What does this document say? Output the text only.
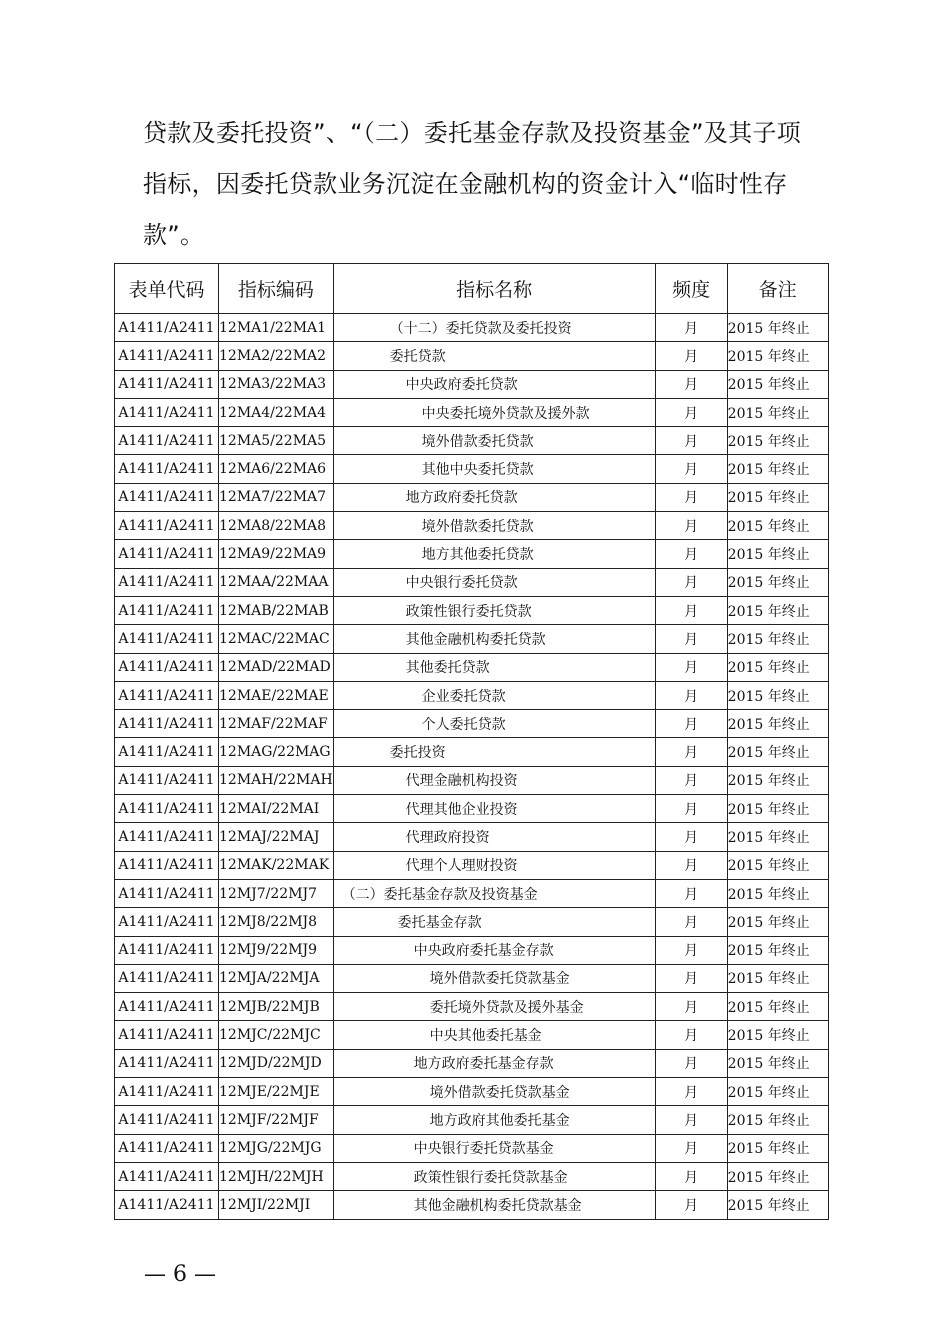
贷款及委托投资”、“（二）委托基金存款及投资基金”及其子项
指标，因委托贷款业务沉淀在金融机构的资金计入“临时性存
款”。
表单代码	指标编码	指标名称	频度	备注
A1411/A2411	12MA1/22MA1	（十二）委托贷款及委托投资	月	2015 年终止
A1411/A2411	12MA2/22MA2	委托贷款	月	2015 年终止
A1411/A2411	12MA3/22MA3	中央政府委托贷款	月	2015 年终止
A1411/A2411	12MA4/22MA4	中央委托境外贷款及援外款	月	2015 年终止
A1411/A2411	12MA5/22MA5	境外借款委托贷款	月	2015 年终止
A1411/A2411	12MA6/22MA6	其他中央委托贷款	月	2015 年终止
A1411/A2411	12MA7/22MA7	地方政府委托贷款	月	2015 年终止
A1411/A2411	12MA8/22MA8	境外借款委托贷款	月	2015 年终止
A1411/A2411	12MA9/22MA9	地方其他委托贷款	月	2015 年终止
A1411/A2411	12MAA/22MAA	中央银行委托贷款	月	2015 年终止
A1411/A2411	12MAB/22MAB	政策性银行委托贷款	月	2015 年终止
A1411/A2411	12MAC/22MAC	其他金融机构委托贷款	月	2015 年终止
A1411/A2411	12MAD/22MAD	其他委托贷款	月	2015 年终止
A1411/A2411	12MAE/22MAE	企业委托贷款	月	2015 年终止
A1411/A2411	12MAF/22MAF	个人委托贷款	月	2015 年终止
A1411/A2411	12MAG/22MAG	委托投资	月	2015 年终止
A1411/A2411	12MAH/22MAH	代理金融机构投资	月	2015 年终止
A1411/A2411	12MAI/22MAI	代理其他企业投资	月	2015 年终止
A1411/A2411	12MAJ/22MAJ	代理政府投资	月	2015 年终止
A1411/A2411	12MAK/22MAK	代理个人理财投资	月	2015 年终止
A1411/A2411	12MJ7/22MJ7	（二）委托基金存款及投资基金	月	2015 年终止
A1411/A2411	12MJ8/22MJ8	委托基金存款	月	2015 年终止
A1411/A2411	12MJ9/22MJ9	中央政府委托基金存款	月	2015 年终止
A1411/A2411	12MJA/22MJA	境外借款委托贷款基金	月	2015 年终止
A1411/A2411	12MJB/22MJB	委托境外贷款及援外基金	月	2015 年终止
A1411/A2411	12MJC/22MJC	中央其他委托基金	月	2015 年终止
A1411/A2411	12MJD/22MJD	地方政府委托基金存款	月	2015 年终止
A1411/A2411	12MJE/22MJE	境外借款委托贷款基金	月	2015 年终止
A1411/A2411	12MJF/22MJF	地方政府其他委托基金	月	2015 年终止
A1411/A2411	12MJG/22MJG	中央银行委托贷款基金	月	2015 年终止
A1411/A2411	12MJH/22MJH	政策性银行委托贷款基金	月	2015 年终止
A1411/A2411	12MJI/22MJI	其他金融机构委托贷款基金	月	2015 年终止
— 6 —
